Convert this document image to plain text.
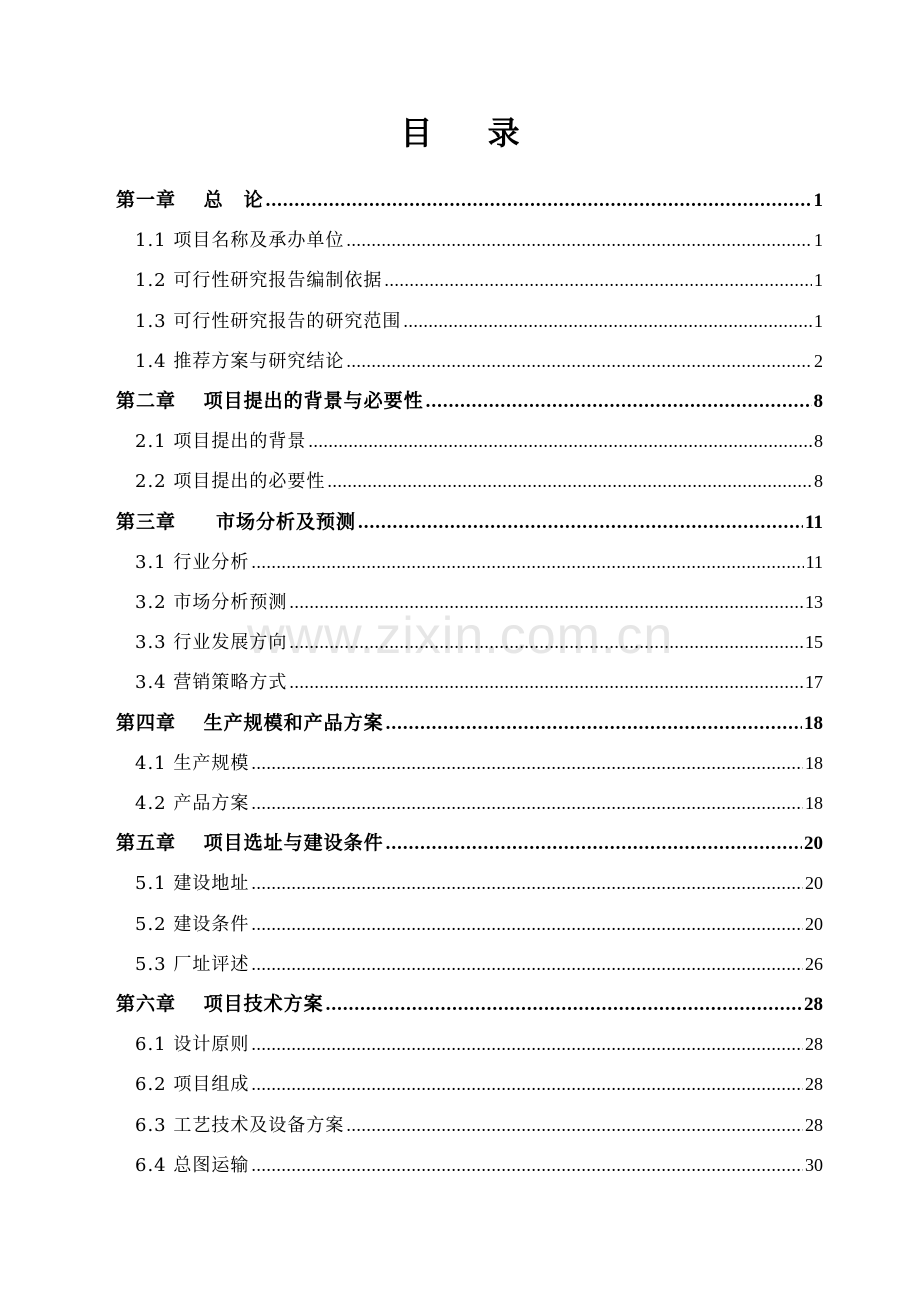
www.zixin.com.cn
目 录
第一章　 总　论 .....	1
1.1 项目名称及承办单位 .....	1
1.2 可行性研究报告编制依据 .....	1
1.3 可行性研究报告的研究范围 .....	1
1.4 推荐方案与研究结论 .....	2
第二章　 项目提出的背景与必要性 .....	8
2.1 项目提出的背景 .....	8
2.2 项目提出的必要性 .....	8
第三章　　市场分析及预测 .....	11
3.1 行业分析 .....	11
3.2 市场分析预测 .....	13
3.3 行业发展方向 .....	15
3.4 营销策略方式 .....	17
第四章　 生产规模和产品方案 .....	18
4.1 生产规模 .....	18
4.2 产品方案 .....	18
第五章　 项目选址与建设条件 .....	20
5.1 建设地址 .....	20
5.2 建设条件 .....	20
5.3 厂址评述 .....	26
第六章　 项目技术方案 .....	28
6.1 设计原则 .....	28
6.2 项目组成 .....	28
6.3 工艺技术及设备方案 .....	28
6.4 总图运输 .....	30
